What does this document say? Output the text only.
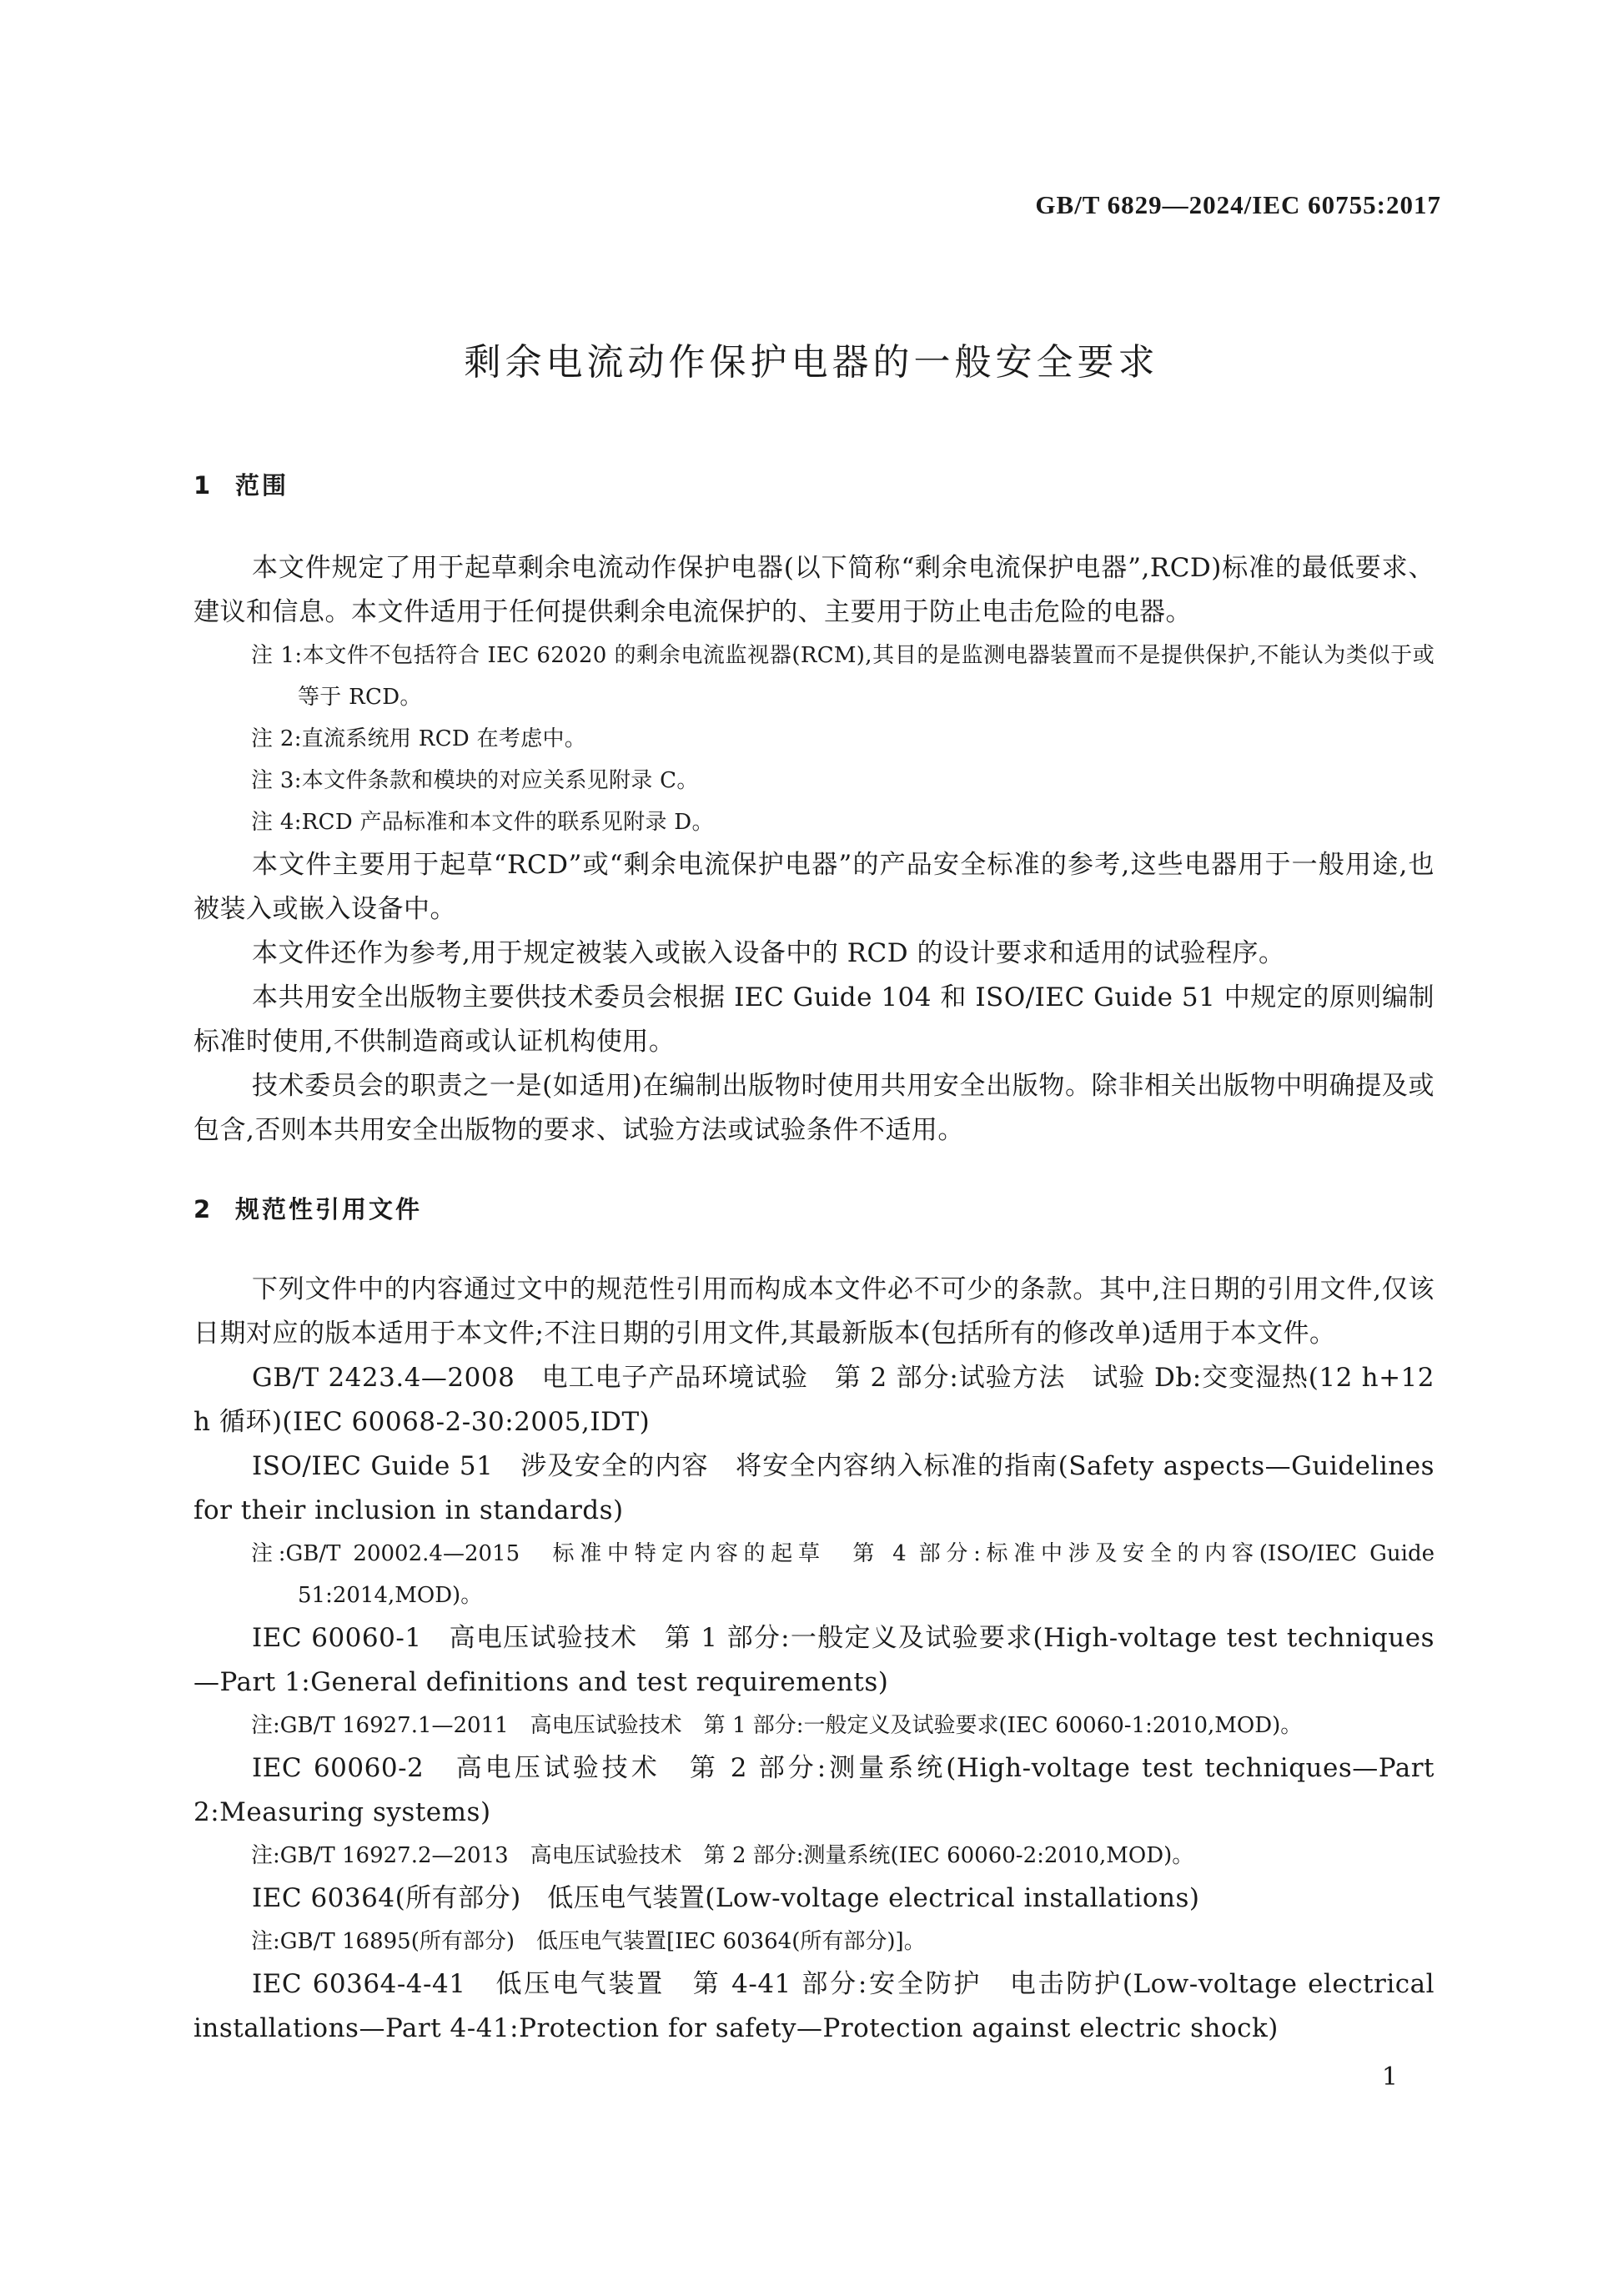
GB/T 6829—2024/IEC 60755:2017
剩余电流动作保护电器的一般安全要求
1 范围

本文件规定了用于起草剩余电流动作保护电器(以下简称“剩余电流保护电器”,RCD)标准的最低要求、建议和信息。本文件适用于任何提供剩余电流保护的、主要用于防止电击危险的电器。

注 1:本文件不包括符合 IEC 62020 的剩余电流监视器(RCM),其目的是监测电器装置而不是提供保护,不能认为类似于或等于 RCD。

注 2:直流系统用 RCD 在考虑中。

注 3:本文件条款和模块的对应关系见附录 C。

注 4:RCD 产品标准和本文件的联系见附录 D。

本文件主要用于起草“RCD”或“剩余电流保护电器”的产品安全标准的参考,这些电器用于一般用途,也被装入或嵌入设备中。

本文件还作为参考,用于规定被装入或嵌入设备中的 RCD 的设计要求和适用的试验程序。

本共用安全出版物主要供技术委员会根据 IEC Guide 104 和 ISO/IEC Guide 51 中规定的原则编制标准时使用,不供制造商或认证机构使用。

技术委员会的职责之一是(如适用)在编制出版物时使用共用安全出版物。除非相关出版物中明确提及或包含,否则本共用安全出版物的要求、试验方法或试验条件不适用。

2 规范性引用文件

下列文件中的内容通过文中的规范性引用而构成本文件必不可少的条款。其中,注日期的引用文件,仅该日期对应的版本适用于本文件;不注日期的引用文件,其最新版本(包括所有的修改单)适用于本文件。

GB/T 2423.4—2008　电工电子产品环境试验　第 2 部分:试验方法　试验 Db:交变湿热(12 h+12 h 循环)(IEC 60068-2-30:2005,IDT)

ISO/IEC Guide 51　涉及安全的内容　将安全内容纳入标准的指南(Safety aspects—Guidelines for their inclusion in standards)

注:GB/T 20002.4—2015　标准中特定内容的起草　第 4 部分:标准中涉及安全的内容(ISO/IEC Guide 51:2014,MOD)。

IEC 60060-1　高电压试验技术　第 1 部分:一般定义及试验要求(High-voltage test techniques—Part 1:General definitions and test requirements)

注:GB/T 16927.1—2011　高电压试验技术　第 1 部分:一般定义及试验要求(IEC 60060-1:2010,MOD)。

IEC 60060-2　高电压试验技术　第 2 部分:测量系统(High-voltage test techniques—Part 2:Measuring systems)

注:GB/T 16927.2—2013　高电压试验技术　第 2 部分:测量系统(IEC 60060-2:2010,MOD)。

IEC 60364(所有部分)　低压电气装置(Low-voltage electrical installations)

注:GB/T 16895(所有部分)　低压电气装置[IEC 60364(所有部分)]。

IEC 60364-4-41　低压电气装置　第 4-41 部分:安全防护　电击防护(Low-voltage electrical installations—Part 4-41:Protection for safety—Protection against electric shock)

1
